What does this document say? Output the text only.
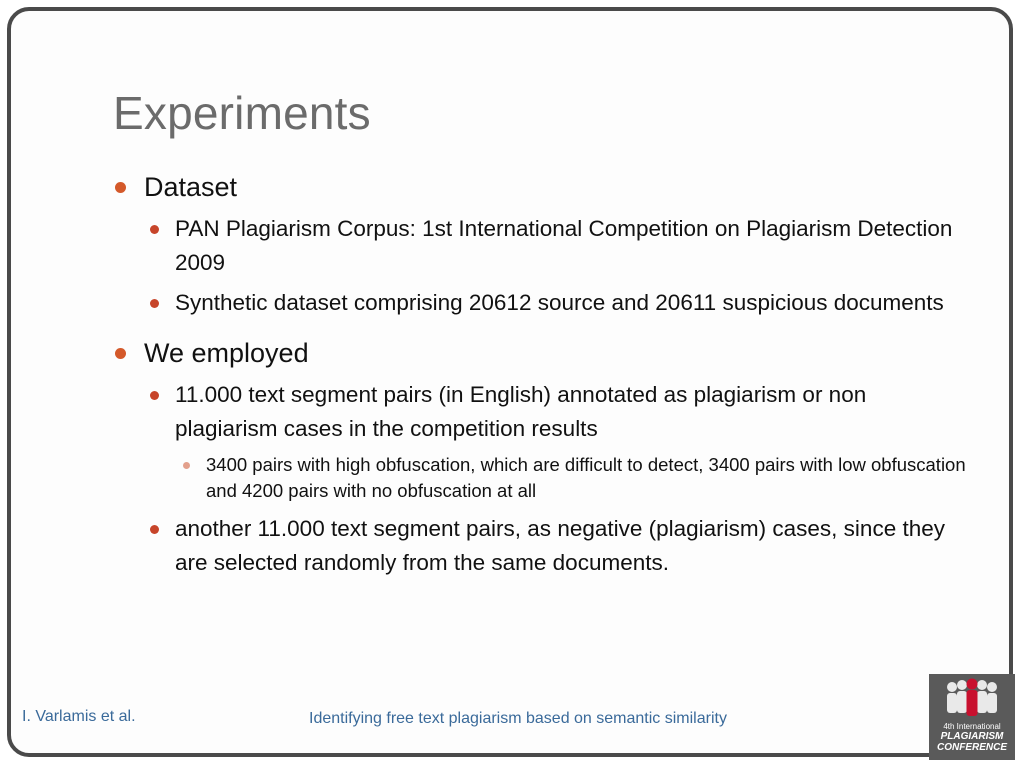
Experiments
Dataset
PAN Plagiarism Corpus: 1st International Competition on Plagiarism Detection 2009
Synthetic dataset comprising 20612 source and 20611 suspicious documents
We employed
11.000 text segment pairs (in English) annotated as plagiarism or non plagiarism cases in the competition results
3400 pairs with high obfuscation, which are difficult to detect, 3400 pairs with low obfuscation and 4200 pairs with no obfuscation at all
another 11.000 text segment pairs, as negative (plagiarism) cases, since they are selected randomly from the same documents.
I. Varlamis et al.	Identifying free text plagiarism based on semantic similarity	4th International
PLAGIARISM
CONFERENCE
